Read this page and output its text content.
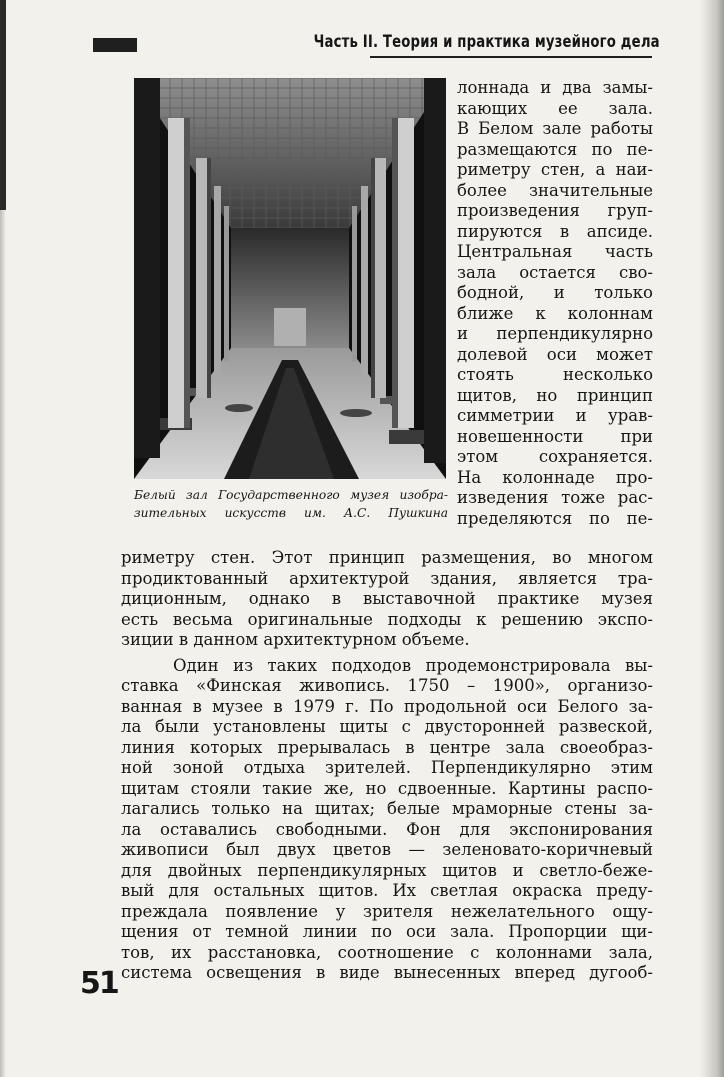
Часть II. Теория и практика музейного дела
Белый зал Государственного музея изобра-
зительных искусств им. А.С. Пушкина
лоннада и два замы-
кающих ее зала.
В Белом зале работы
размещаются по пе-
риметру стен, а наи-
более значительные
произведения груп-
пируются в апсиде.
Центральная часть
зала остается сво-
бодной, и только
ближе к колоннам
и перпендикулярно
долевой оси может
стоять несколько
щитов, но принцип
симметрии и урав-
новешенности при
этом сохраняется.
На колоннаде про-
изведения тоже рас-
пределяются по пе-
риметру стен. Этот принцип размещения, во многом
продиктованный архитектурой здания, является тра-
диционным, однако в выставочной практике музея
есть весьма оригинальные подходы к решению экспо-
зиции в данном архитектурном объеме.
Один из таких подходов продемонстрировала вы-
ставка «Финская живопись. 1750 – 1900», организо-
ванная в музее в 1979 г. По продольной оси Белого за-
ла были установлены щиты с двусторонней развеской,
линия которых прерывалась в центре зала своеобраз-
ной зоной отдыха зрителей. Перпендикулярно этим
щитам стояли такие же, но сдвоенные. Картины распо-
лагались только на щитах; белые мраморные стены за-
ла оставались свободными. Фон для экспонирования
живописи был двух цветов — зеленовато-коричневый
для двойных перпендикулярных щитов и светло-беже-
вый для остальных щитов. Их светлая окраска преду-
преждала появление у зрителя нежелательного ощу-
щения от темной линии по оси зала. Пропорции щи-
тов, их расстановка, соотношение с колоннами зала,
система освещения в виде вынесенных вперед дугооб-
51
